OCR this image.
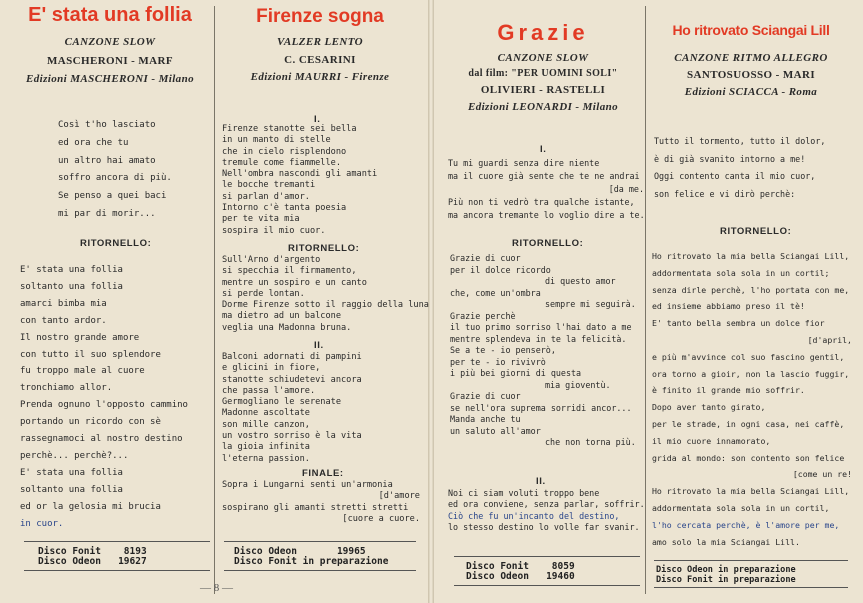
E' stata una follia
CANZONE SLOW
MASCHERONI - MARF
Edizioni MASCHERONI - Milano
Così t'ho lasciato
ed ora che tu
un altro hai amato
soffro ancora di più.
Se penso a quei baci
mi par di morir...
RITORNELLO:
E' stata una follia
soltanto una follia
amarci bimba mia
con tanto ardor.
Il nostro grande amore
con tutto il suo splendore
fu troppo male al cuore
tronchiamo allor.
Prenda ognuno l'opposto cammino
portando un ricordo con sè
rassegnamoci al nostro destino
perchè... perchè?...
E' stata una follia
soltanto una follia
ed or la gelosia mi brucia
in cuor.
Disco Fonit    8193
Disco Odeon   19627
Firenze sogna
VALZER LENTO
C. CESARINI
Edizioni MAURRI - Firenze
I.
Firenze stanotte sei bella
in un manto di stelle
che in cielo risplendono
tremule come fiammelle.
Nell'ombra nascondi gli amanti
le bocche tremanti
si parlan d'amor.
Intorno c'è tanta poesia
per te vita mia
sospira il mio cuor.
RITORNELLO:
Sull'Arno d'argento
si specchia il firmamento,
mentre un sospiro e un canto
si perde lontan.
Dorme Firenze sotto il raggio della luna
ma dietro ad un balcone
veglia una Madonna bruna.
II.
Balconi adornati di pampini
e glicini in fiore,
stanotte schiudetevi ancora
che passa l'amore.
Germogliano le serenate
Madonne ascoltate
son mille canzon,
un vostro sorriso è la vita
la gioia infinita
l'eterna passion.
FINALE:
Sopra i Lungarni senti un'armonia
[d'amore
sospirano gli amanti stretti stretti
[cuore a cuore.
Disco Odeon       19965
Disco Fonit in preparazione
— 8 —
Grazie
CANZONE SLOW
dal film: "PER UOMINI SOLI"
OLIVIERI - RASTELLI
Edizioni LEONARDI - Milano
I.
Tu mi guardi senza dire niente
ma il cuore già sente che te ne andrai
[da me.
Più non ti vedrò tra qualche istante,
ma ancora tremante lo voglio dire a te.
RITORNELLO:
Grazie di cuor
per il dolce ricordo
di questo amor
che, come un'ombra
sempre mi seguirà.
Grazie perchè
il tuo primo sorriso l'hai dato a me
mentre splendeva in te la felicità.
Se a te - io penserò,
per te - io rivivrò
i più bei giorni di questa
mia gioventù.
Grazie di cuor
se nell'ora suprema sorridi ancor...
Manda anche tu
un saluto all'amor
che non torna più.
II.
Noi ci siam voluti troppo bene
ed ora conviene, senza parlar, soffrir.
Ciò che fu un'incanto del destino,
lo stesso destino lo volle far svanir.
Disco Fonit    8059
Disco Odeon   19460
Ho ritrovato Sciangai Lill
CANZONE RITMO ALLEGRO
SANTOSUOSSO - MARI
Edizioni SCIACCA - Roma
Tutto il tormento, tutto il dolor,
è di già svanito intorno a me!
Oggi contento canta il mio cuor,
son felice e vi dirò perchè:
RITORNELLO:
Ho ritrovato la mia bella Sciangai Lill,
addormentata sola sola in un cortil;
senza dirle perchè, l'ho portata con me,
ed insieme abbiamo preso il tè!
E' tanto bella sembra un dolce fior
[d'april,
e più m'avvince col suo fascino gentil,
ora torno a gioir, non la lascio fuggir,
è finito il grande mio soffrir.
Dopo aver tanto girato,
per le strade, in ogni casa, nei caffè,
il mio cuore innamorato,
grida al mondo: son contento son felice
[come un re!
Ho ritrovato la mia bella Sciangai Lill,
addormentata sola sola in un cortil,
l'ho cercata perchè, è l'amore per me,
amo solo la mia Sciangai Lill.
Disco Odeon in preparazione
Disco Fonit in preparazione
